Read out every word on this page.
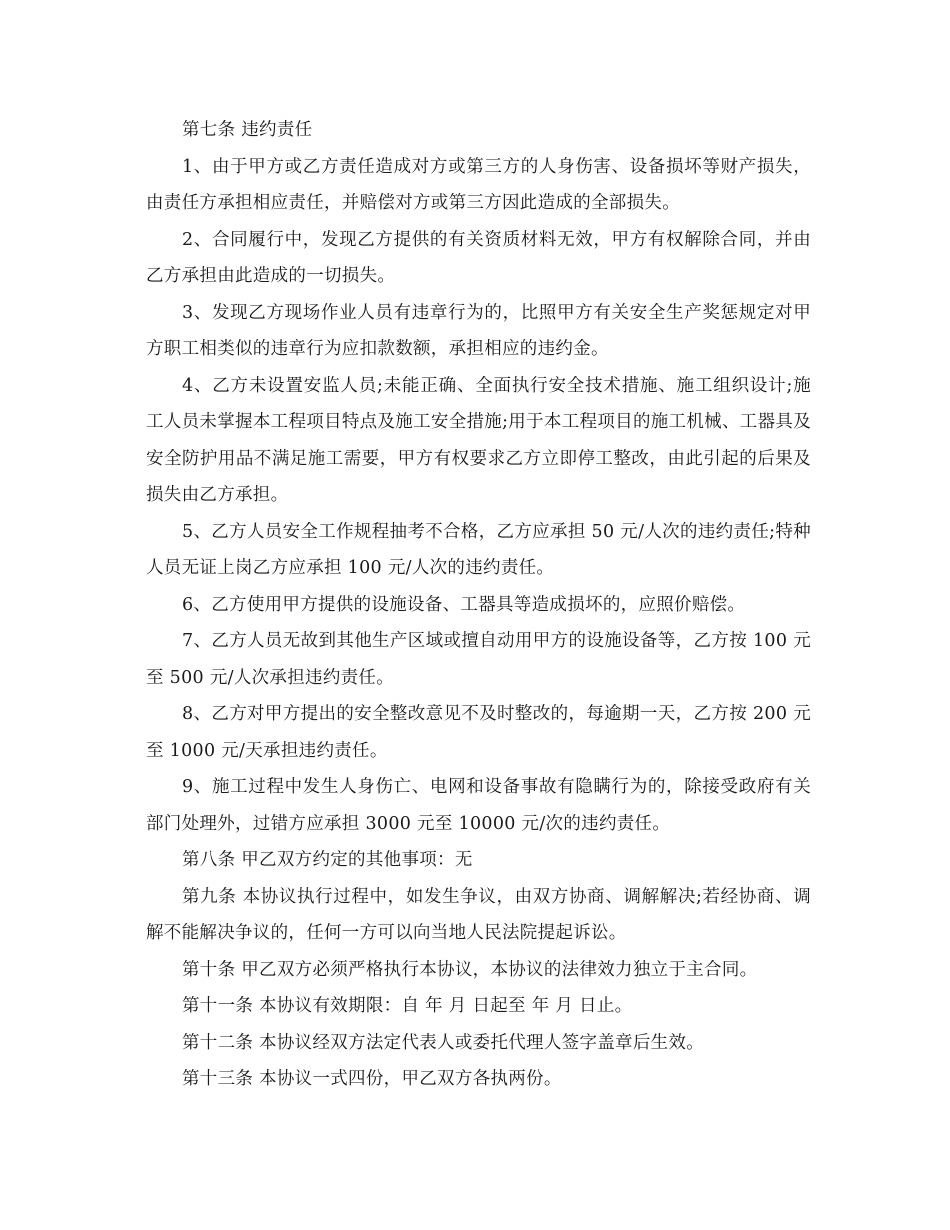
第七条 违约责任

1、由于甲方或乙方责任造成对方或第三方的人身伤害、设备损坏等财产损失，由责任方承担相应责任，并赔偿对方或第三方因此造成的全部损失。

2、合同履行中，发现乙方提供的有关资质材料无效，甲方有权解除合同，并由乙方承担由此造成的一切损失。

3、发现乙方现场作业人员有违章行为的，比照甲方有关安全生产奖惩规定对甲方职工相类似的违章行为应扣款数额，承担相应的违约金。

4、乙方未设置安监人员;未能正确、全面执行安全技术措施、施工组织设计;施工人员未掌握本工程项目特点及施工安全措施;用于本工程项目的施工机械、工器具及安全防护用品不满足施工需要，甲方有权要求乙方立即停工整改，由此引起的后果及损失由乙方承担。

5、乙方人员安全工作规程抽考不合格，乙方应承担 50 元/人次的违约责任;特种人员无证上岗乙方应承担 100 元/人次的违约责任。

6、乙方使用甲方提供的设施设备、工器具等造成损坏的，应照价赔偿。

7、乙方人员无故到其他生产区域或擅自动用甲方的设施设备等，乙方按 100 元至 500 元/人次承担违约责任。

8、乙方对甲方提出的安全整改意见不及时整改的，每逾期一天，乙方按 200 元至 1000 元/天承担违约责任。

9、施工过程中发生人身伤亡、电网和设备事故有隐瞒行为的，除接受政府有关部门处理外，过错方应承担 3000 元至 10000 元/次的违约责任。

第八条 甲乙双方约定的其他事项：无

第九条 本协议执行过程中，如发生争议，由双方协商、调解解决;若经协商、调解不能解决争议的，任何一方可以向当地人民法院提起诉讼。

第十条 甲乙双方必须严格执行本协议，本协议的法律效力独立于主合同。

第十一条 本协议有效期限：自 年 月 日起至 年 月 日止。

第十二条 本协议经双方法定代表人或委托代理人签字盖章后生效。

第十三条 本协议一式四份，甲乙双方各执两份。
